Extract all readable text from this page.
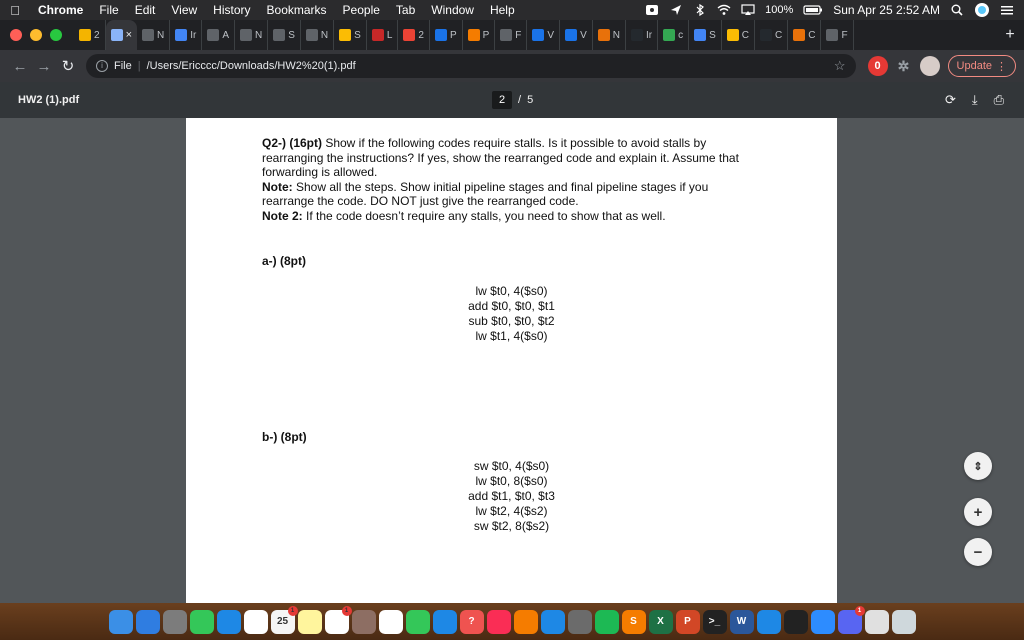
Chrome	File	Edit	View	History	Bookmarks	People	Tab	Window	Help	100%	Sun Apr 25 2:52 AM
2 ×	N	Ir	A	N	S	N	S	L	2	P	P	F	V	V	N	Ir	c	S	C	C	C	F	+
← → ↻	i	File | /Users/Ericccc/Downloads/HW2%20(1).pdf	☆	0	✲	Update ⋮
HW2 (1).pdf	2	/ 5	⟳ ⤓ ⎙
Q2-) (16pt) Show if the following codes require stalls. Is it possible to avoid stalls by rearranging the instructions? If yes, show the rearranged code and explain it. Assume that forwarding is allowed.
Note: Show all the steps. Show initial pipeline stages and final pipeline stages if you rearrange the code. DO NOT just give the rearranged code.
Note 2: If the code doesn’t require any stalls, you need to show that as well.
a-) (8pt)
lw $t0, 4($s0)
add $t0, $t0, $t1
sub $t0, $t0, $t2
lw $t1, 4($s0)
b-) (8pt)
sw $t0, 4($s0)
lw $t0, 8($s0)
add $t1, $t0, $t3
lw $t2, 4($s2)
sw $t2, 8($s2)
⇕
+
−
25
1	1
?	S X P >_ W
1
